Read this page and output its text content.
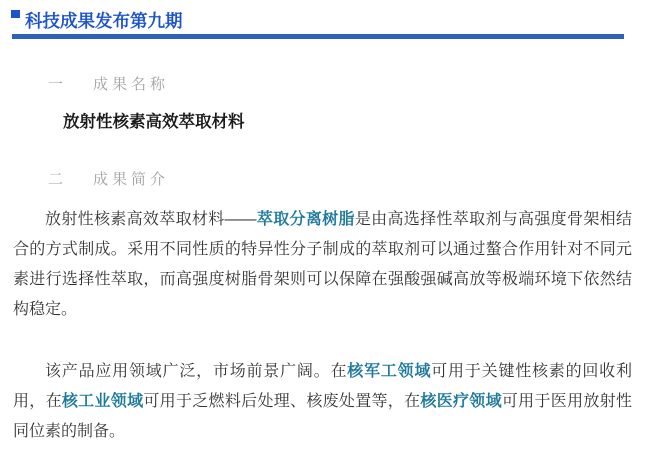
科技成果发布第九期
一 成果名称

放射性核素高效萃取材料

二 成果简介

放射性核素高效萃取材料——萃取分离树脂是由高选择性萃取剂与高强度骨架相结合的方式制成。采用不同性质的特异性分子制成的萃取剂可以通过螯合作用针对不同元素进行选择性萃取，而高强度树脂骨架则可以保障在强酸强碱高放等极端环境下依然结构稳定。

该产品应用领域广泛，市场前景广阔。在核军工领域可用于关键性核素的回收利用，在核工业领域可用于乏燃料后处理、核废处置等，在核医疗领域可用于医用放射性同位素的制备。
